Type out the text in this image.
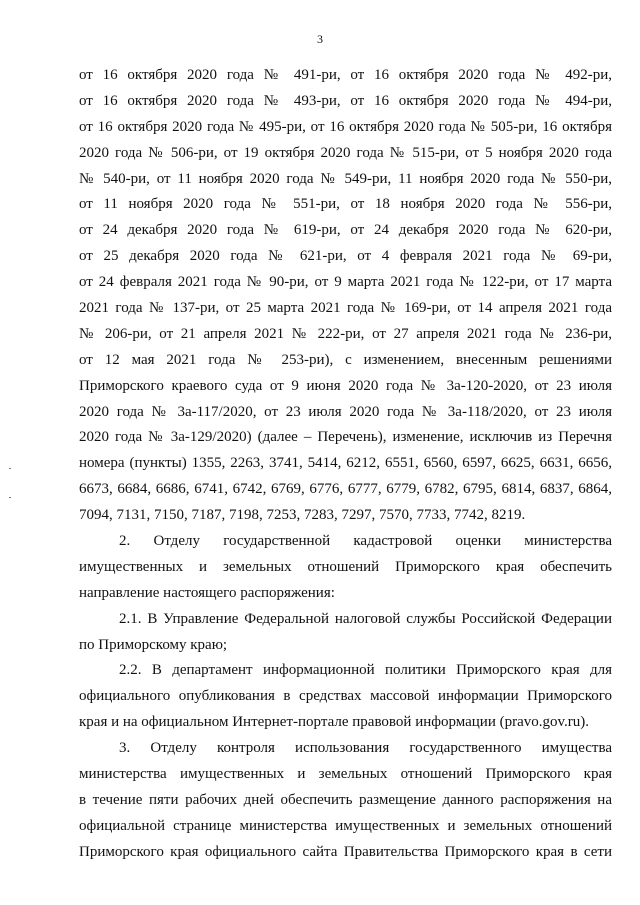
3
от 16 октября 2020 года № 491-ри, от 16 октября 2020 года № 492-ри,
от 16 октября 2020 года № 493-ри, от 16 октября 2020 года № 494-ри,
от 16 октября 2020 года № 495-ри, от 16 октября 2020 года № 505-ри, 16 октября
2020 года № 506-ри, от 19 октября 2020 года № 515-ри, от 5 ноября 2020 года
№ 540-ри, от 11 ноября 2020 года № 549-ри, 11 ноября 2020 года № 550-ри,
от 11 ноября 2020 года № 551-ри, от 18 ноября 2020 года № 556-ри,
от 24 декабря 2020 года № 619-ри, от 24 декабря 2020 года № 620-ри,
от 25 декабря 2020 года № 621-ри, от 4 февраля 2021 года № 69-ри,
от 24 февраля 2021 года № 90-ри, от 9 марта 2021 года № 122-ри, от 17 марта
2021 года № 137-ри, от 25 марта 2021 года № 169-ри, от 14 апреля 2021 года
№ 206-ри, от 21 апреля 2021 № 222-ри, от 27 апреля 2021 года № 236-ри,
от 12 мая 2021 года № 253-ри), с изменением, внесенным решениями
Приморского краевого суда от 9 июня 2020 года № 3а-120-2020, от 23 июля
2020 года № 3а-117/2020, от 23 июля 2020 года № 3а-118/2020, от 23 июля
2020 года № 3а-129/2020) (далее – Перечень), изменение, исключив из Перечня
номера (пункты) 1355, 2263, 3741, 5414, 6212, 6551, 6560, 6597, 6625, 6631, 6656,
6673, 6684, 6686, 6741, 6742, 6769, 6776, 6777, 6779, 6782, 6795, 6814, 6837, 6864,
7094, 7131, 7150, 7187, 7198, 7253, 7283, 7297, 7570, 7733, 7742, 8219.
2. Отделу государственной кадастровой оценки министерства
имущественных и земельных отношений Приморского края обеспечить
направление настоящего распоряжения:
2.1. В Управление Федеральной налоговой службы Российской Федерации
по Приморскому краю;
2.2. В департамент информационной политики Приморского края для
официального опубликования в средствах массовой информации Приморского
края и на официальном Интернет-портале правовой информации (pravo.gov.ru).
3. Отделу контроля использования государственного имущества
министерства имущественных и земельных отношений Приморского края
в течение пяти рабочих дней обеспечить размещение данного распоряжения на
официальной странице министерства имущественных и земельных отношений
Приморского края официального сайта Правительства Приморского края в сети
